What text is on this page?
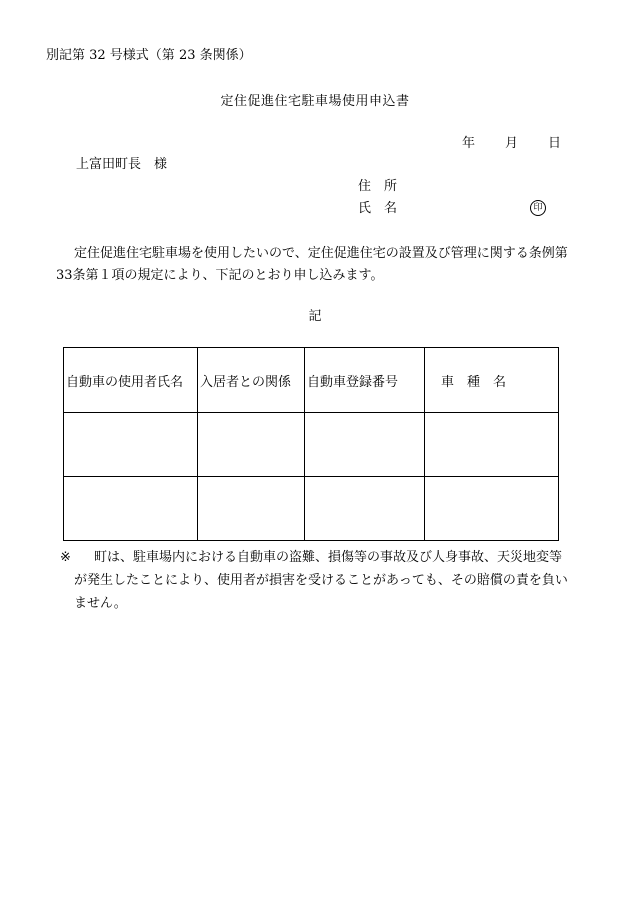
別記第 32 号様式（第 23 条関係）
定住促進住宅駐車場使用申込書
年 月 日
上富田町長　様
住　所
氏　名	印
定住促進住宅駐車場を使用したいので、定住促進住宅の設置及び管理に関する条例第33条第１項の規定により、下記のとおり申し込みます。
記
自動車の使用者氏名	入居者との関係	自動車登録番号	車　種　名

※	町は、駐車場内における自動車の盗難、損傷等の事故及び人身事故、天災地変等が発生したことにより、使用者が損害を受けることがあっても、その賠償の責を負いません。
